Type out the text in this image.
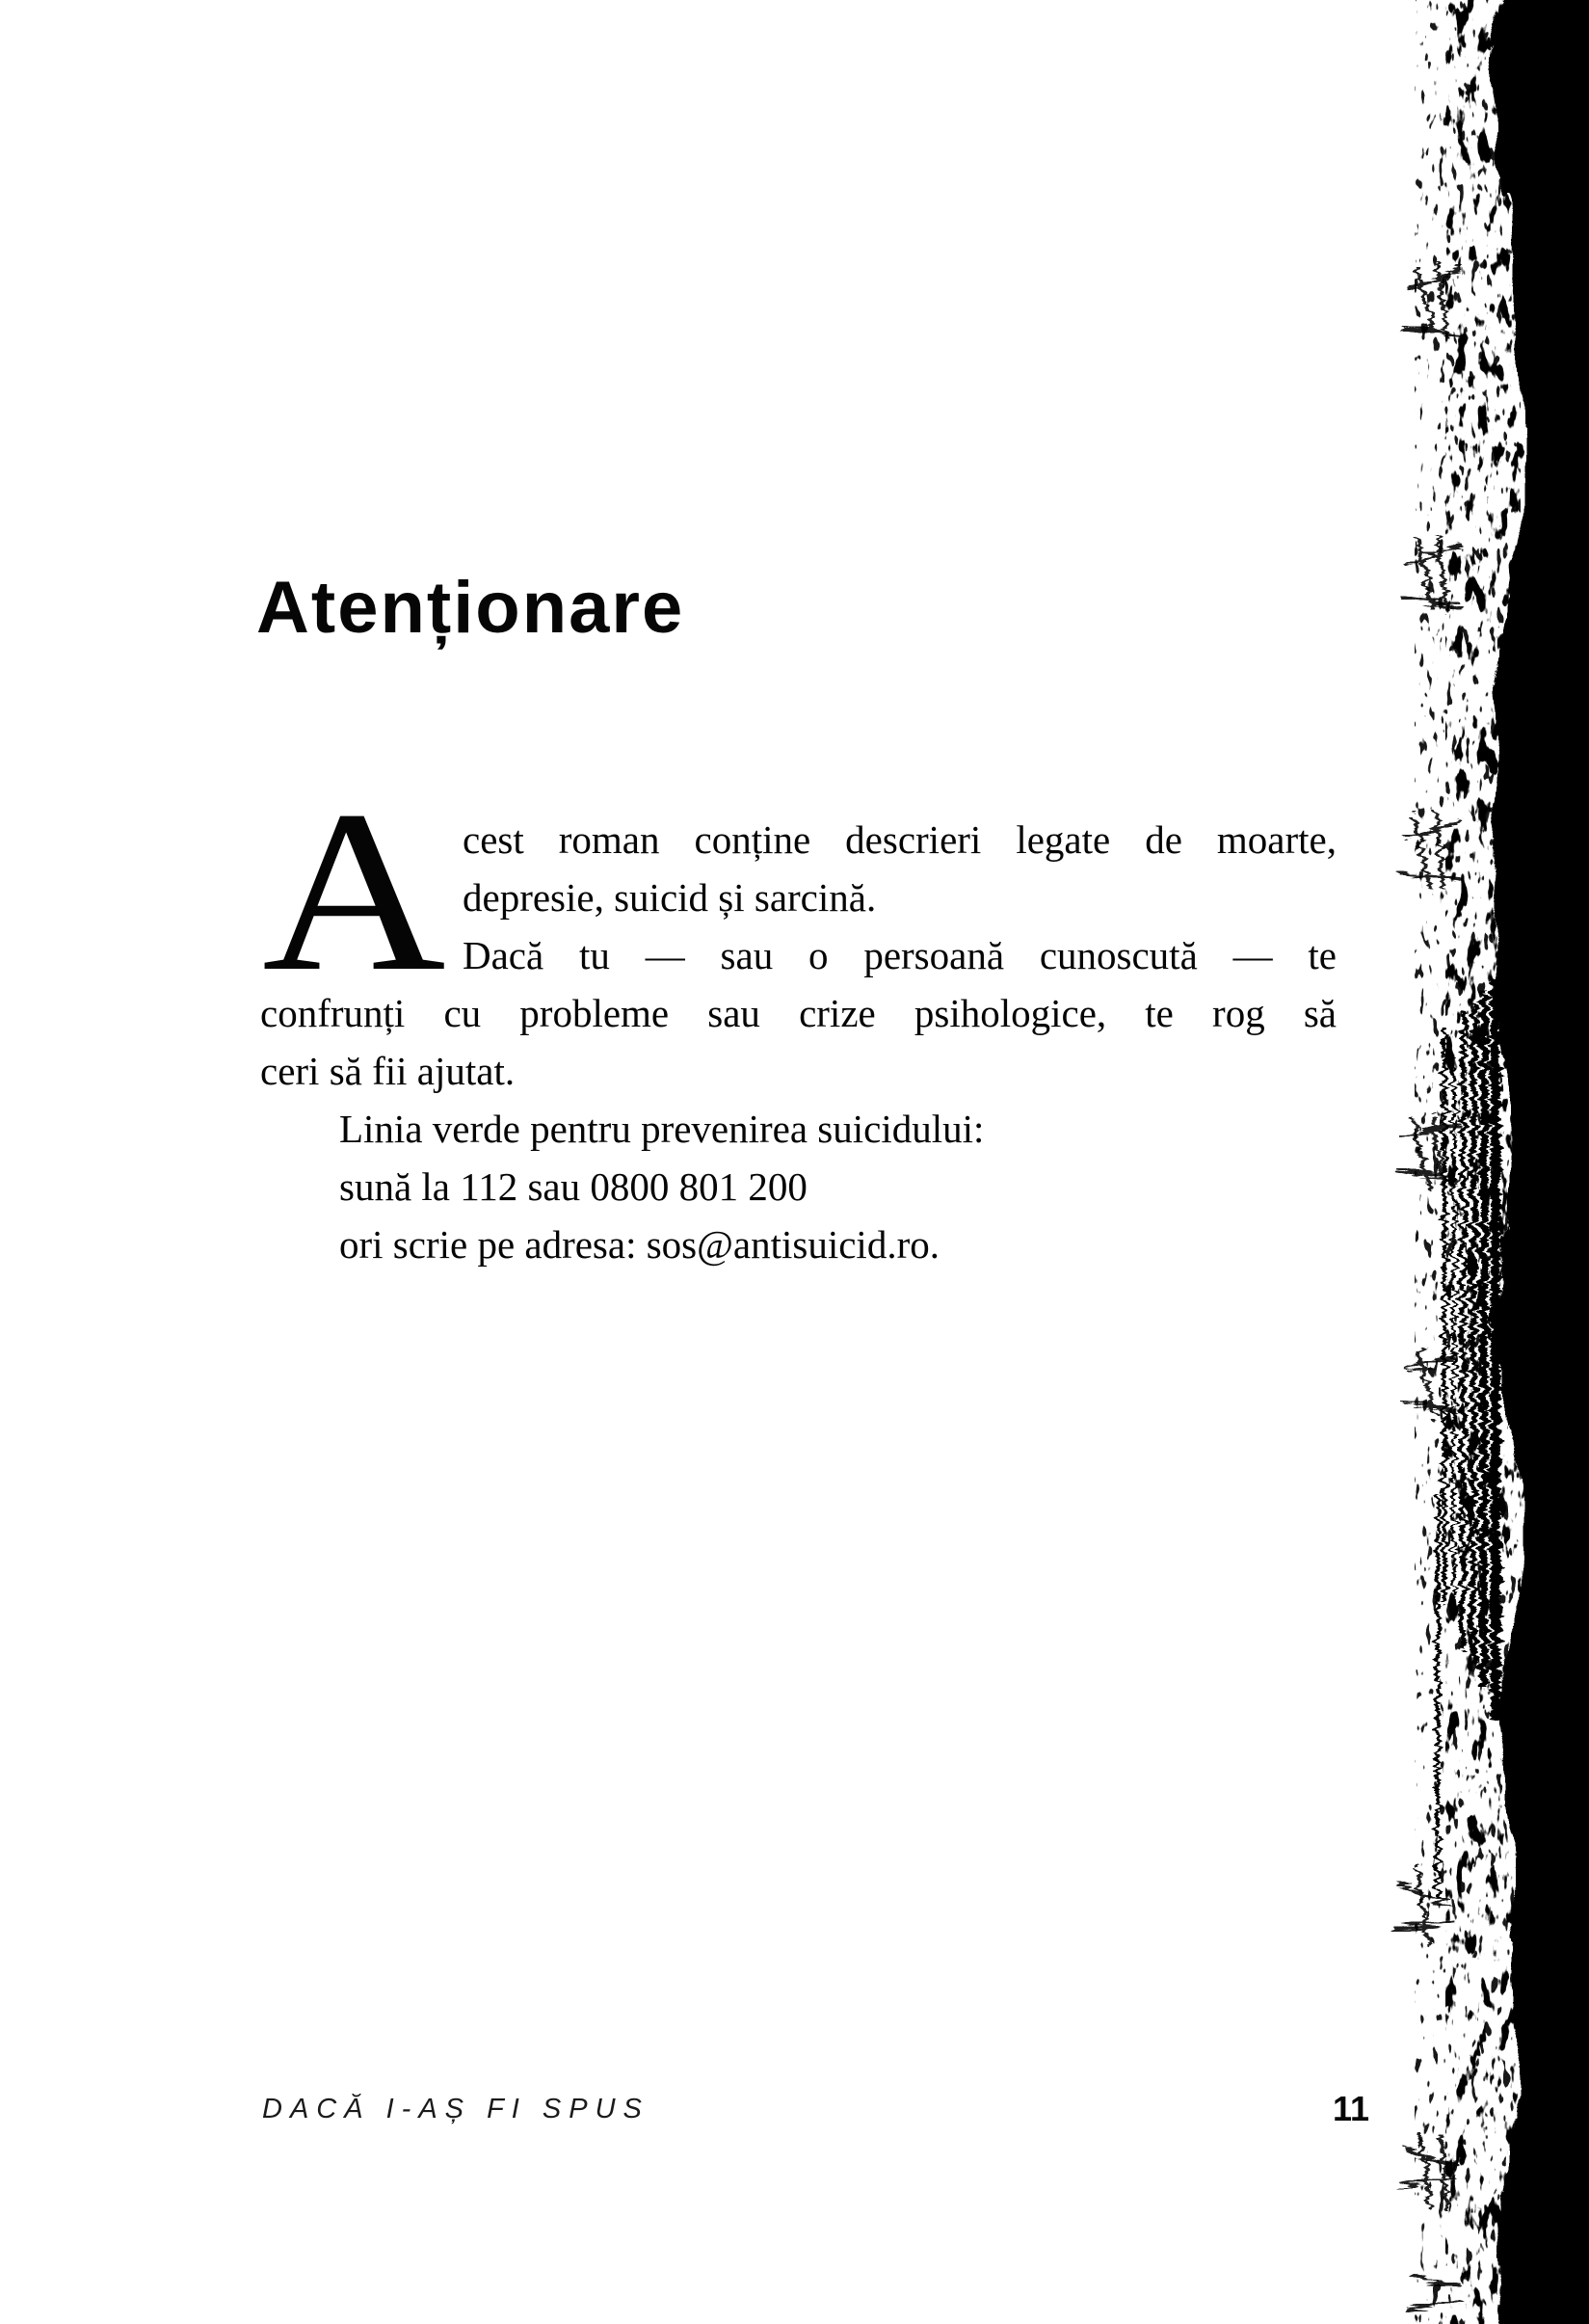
Atenționare
A cest roman conține descrieri legate de moarte,
depresie, suicid și sarcină.
Dacă tu — sau o persoană cunoscută — te
confrunți cu probleme sau crize psihologice, te rog să
ceri să fii ajutat.
Linia verde pentru prevenirea suicidului:
sună la 112 sau 0800 801 200
ori scrie pe adresa: sos@antisuicid.ro.
DACĂ I-AȘ FI SPUS	11
